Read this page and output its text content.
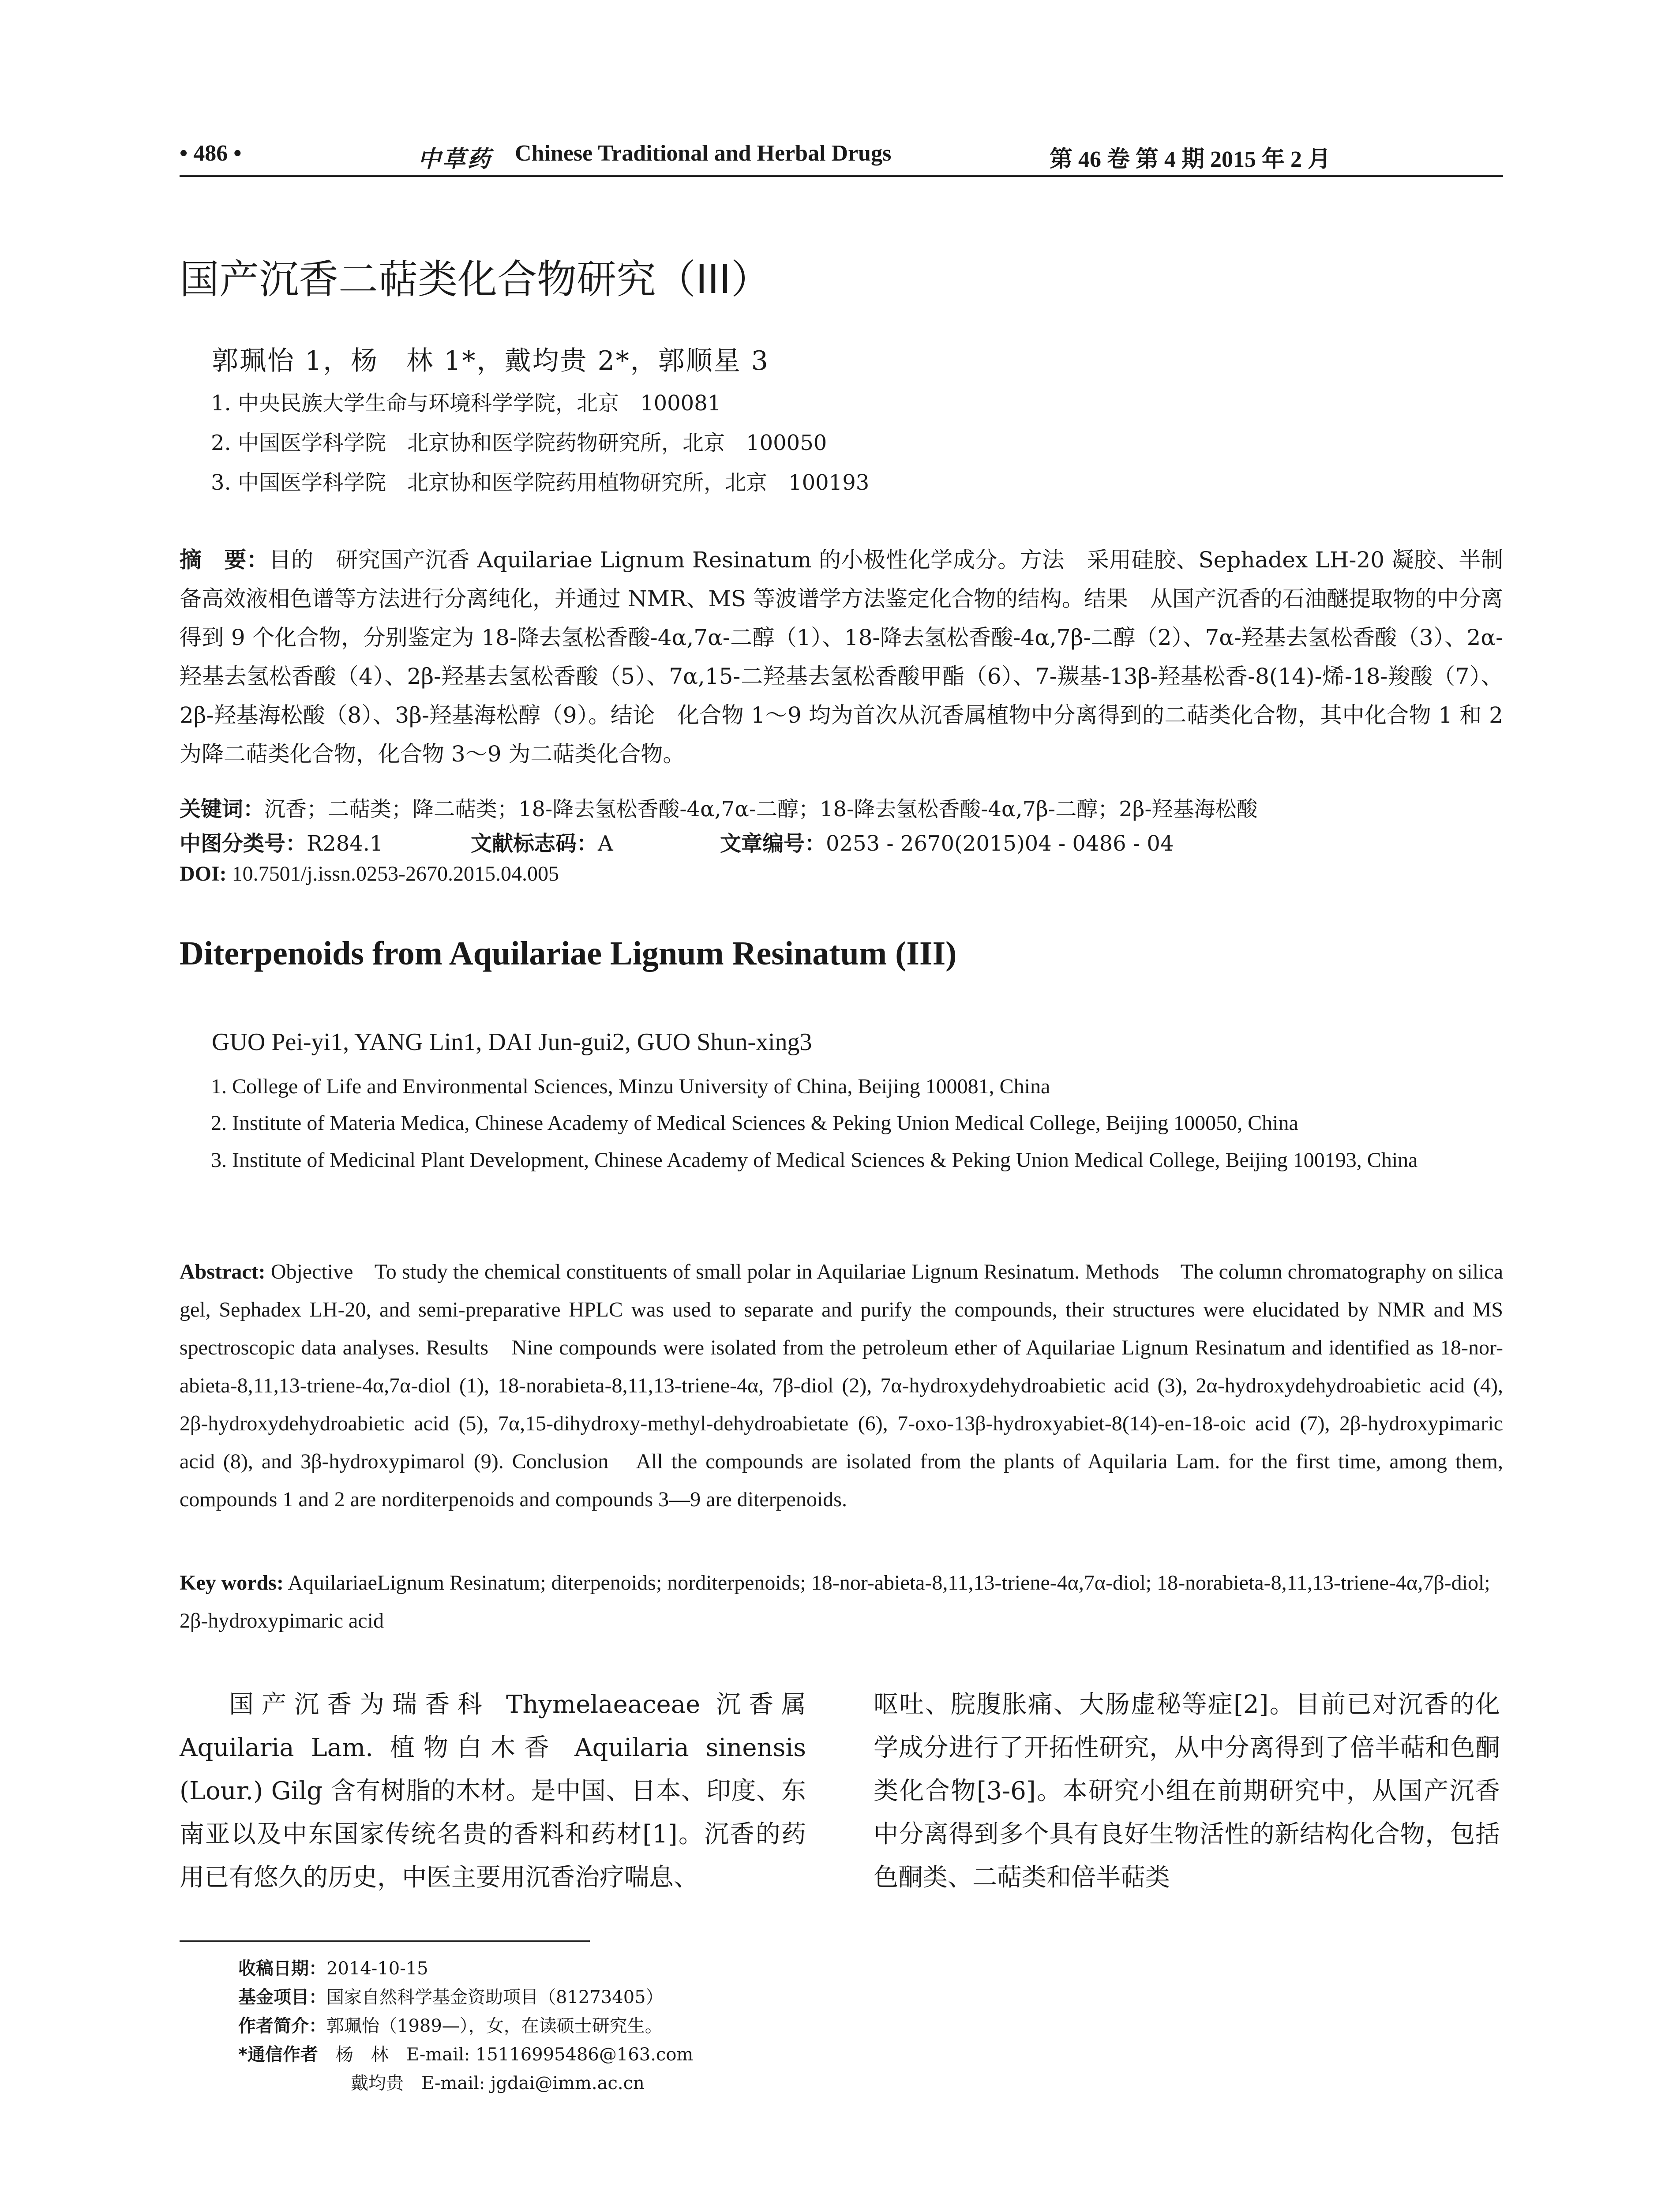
• 486 •	中草药 Chinese Traditional and Herbal Drugs	第 46 卷 第 4 期 2015 年 2 月
国产沉香二萜类化合物研究（III）
郭珮怡 1，杨　林 1*，戴均贵 2*，郭顺星 3
1. 中央民族大学生命与环境科学学院，北京　100081
2. 中国医学科学院　北京协和医学院药物研究所，北京　100050
3. 中国医学科学院　北京协和医学院药用植物研究所，北京　100193
摘　要：目的　研究国产沉香 Aquilariae Lignum Resinatum 的小极性化学成分。方法　采用硅胶、Sephadex LH-20 凝胶、半制备高效液相色谱等方法进行分离纯化，并通过 NMR、MS 等波谱学方法鉴定化合物的结构。结果　从国产沉香的石油醚提取物的中分离得到 9 个化合物，分别鉴定为 18-降去氢松香酸-4α,7α-二醇（1）、18-降去氢松香酸-4α,7β-二醇（2）、7α-羟基去氢松香酸（3）、2α-羟基去氢松香酸（4）、2β-羟基去氢松香酸（5）、7α,15-二羟基去氢松香酸甲酯（6）、7-羰基-13β-羟基松香-8(14)-烯-18-羧酸（7）、2β-羟基海松酸（8）、3β-羟基海松醇（9）。结论　化合物 1～9 均为首次从沉香属植物中分离得到的二萜类化合物，其中化合物 1 和 2 为降二萜类化合物，化合物 3～9 为二萜类化合物。
关键词：沉香；二萜类；降二萜类；18-降去氢松香酸-4α,7α-二醇；18-降去氢松香酸-4α,7β-二醇；2β-羟基海松酸
中图分类号：R284.1	文献标志码：A	文章编号：0253 - 2670(2015)04 - 0486 - 04
DOI: 10.7501/j.issn.0253-2670.2015.04.005
Diterpenoids from Aquilariae Lignum Resinatum (III)
GUO Pei-yi1, YANG Lin1, DAI Jun-gui2, GUO Shun-xing3
1. College of Life and Environmental Sciences, Minzu University of China, Beijing 100081, China
2. Institute of Materia Medica, Chinese Academy of Medical Sciences & Peking Union Medical College, Beijing 100050, China
3. Institute of Medicinal Plant Development, Chinese Academy of Medical Sciences & Peking Union Medical College, Beijing 100193, China
Abstract: Objective　To study the chemical constituents of small polar in Aquilariae Lignum Resinatum. Methods　The column chromatography on silica gel, Sephadex LH-20, and semi-preparative HPLC was used to separate and purify the compounds, their structures were elucidated by NMR and MS spectroscopic data analyses. Results　Nine compounds were isolated from the petroleum ether of Aquilariae Lignum Resinatum and identified as 18-nor-abieta-8,11,13-triene-4α,7α-diol (1), 18-norabieta-8,11,13-triene-4α, 7β-diol (2), 7α-hydroxydehydroabietic acid (3), 2α-hydroxydehydroabietic acid (4), 2β-hydroxydehydroabietic acid (5), 7α,15-dihydroxy-methyl-dehydroabietate (6), 7-oxo-13β-hydroxyabiet-8(14)-en-18-oic acid (7), 2β-hydroxypimaric acid (8), and 3β-hydroxypimarol (9). Conclusion　All the compounds are isolated from the plants of Aquilaria Lam. for the first time, among them, compounds 1 and 2 are norditerpenoids and compounds 3—9 are diterpenoids.
Key words: AquilariaeLignum Resinatum; diterpenoids; norditerpenoids; 18-nor-abieta-8,11,13-triene-4α,7α-diol; 18-norabieta-8,11,13-triene-4α,7β-diol; 2β-hydroxypimaric acid
国产沉香为瑞香科 Thymelaeaceae 沉香属 Aquilaria Lam. 植物白木香 Aquilaria sinensis (Lour.) Gilg 含有树脂的木材。是中国、日本、印度、东南亚以及中东国家传统名贵的香料和药材[1]。沉香的药用已有悠久的历史，中医主要用沉香治疗喘息、
呕吐、脘腹胀痛、大肠虚秘等症[2]。目前已对沉香的化学成分进行了开拓性研究，从中分离得到了倍半萜和色酮类化合物[3-6]。本研究小组在前期研究中，从国产沉香中分离得到多个具有良好生物活性的新结构化合物，包括色酮类、二萜类和倍半萜类
收稿日期：2014-10-15
基金项目：国家自然科学基金资助项目（81273405）
作者简介：郭珮怡（1989—），女，在读硕士研究生。
*通信作者　 杨　林　E-mail: 15116995486@163.com
戴均贵　E-mail: jgdai@imm.ac.cn
